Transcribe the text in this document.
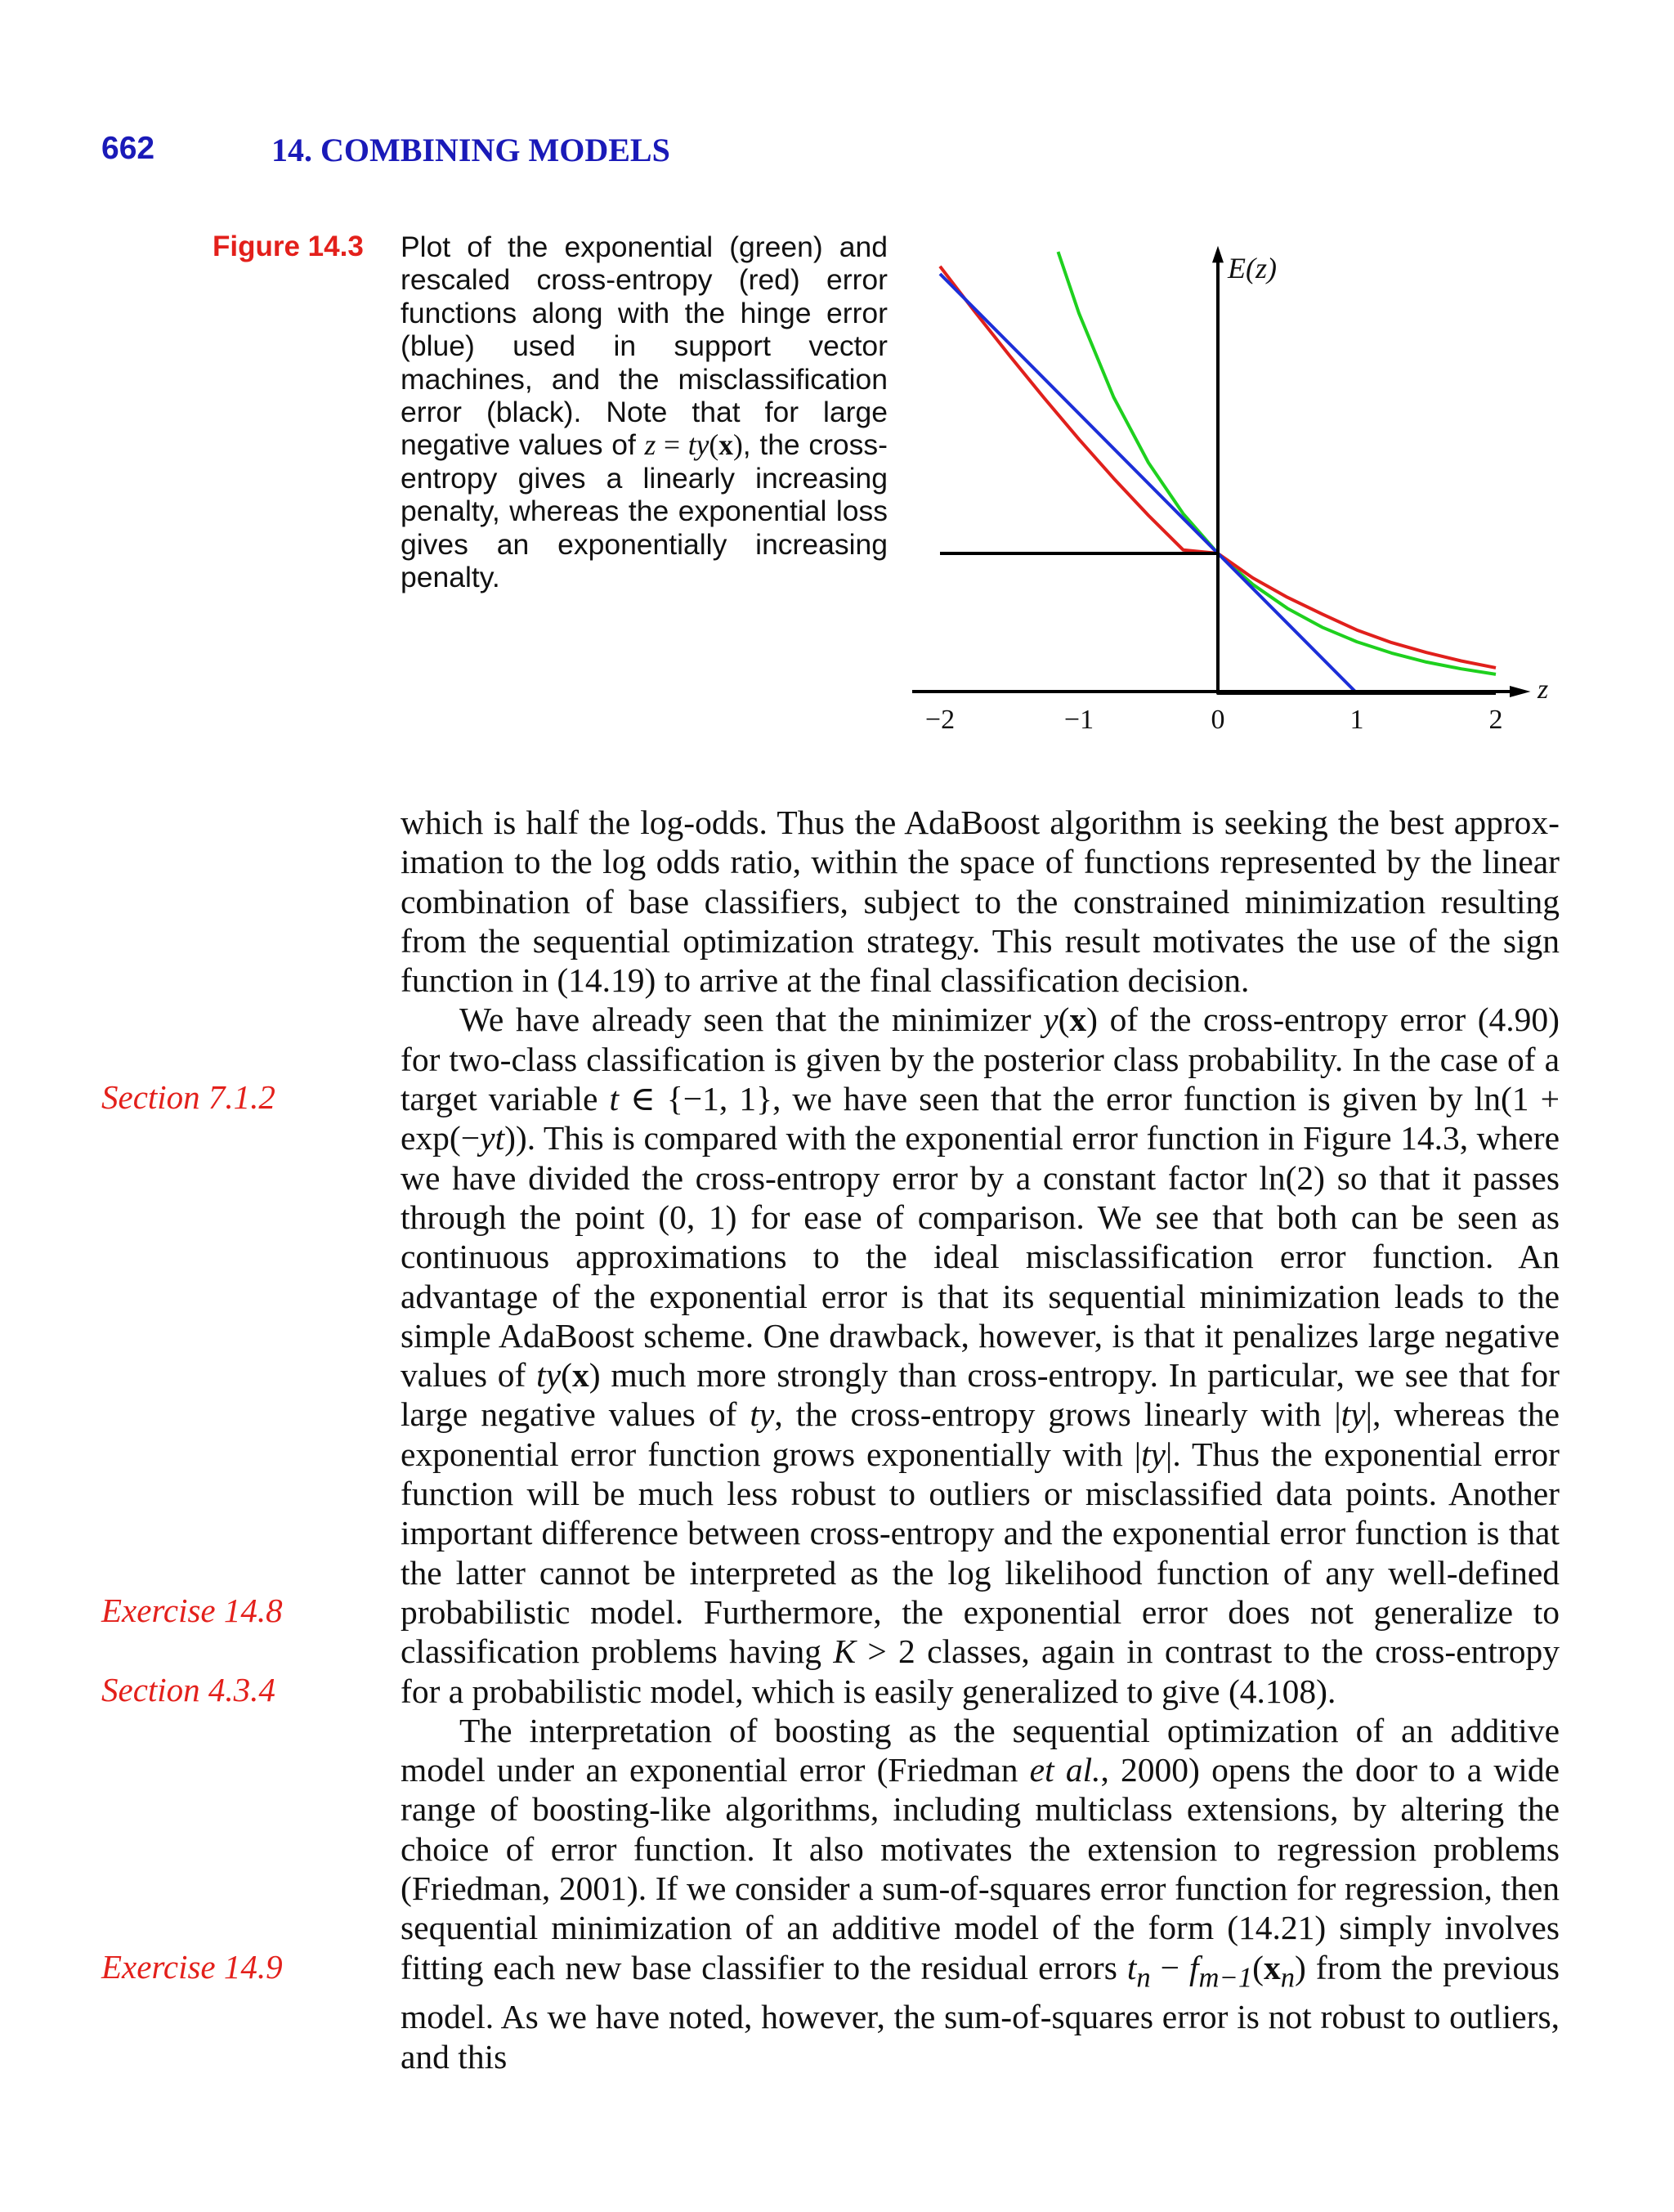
662	14. COMBINING MODELS
Figure 14.3 Plot of the exponential (green) and rescaled cross-entropy (red) error functions along with the hinge error (blue) used in support vector machines, and the misclassification error (black). Note that for large negative values of z = ty(x), the cross-entropy gives a linearly increasing penalty, whereas the exponential loss gives an exponentially increasing penalty.
−2	−1	0	1	2
z
E(z)
Section 7.1.2
Exercise 14.8
Section 4.3.4
Exercise 14.9

which is half the log-odds. Thus the AdaBoost algorithm is seeking the best approximation to the log odds ratio, within the space of functions represented by the linear combination of base classifiers, subject to the constrained minimization resulting from the sequential optimization strategy. This result motivates the use of the sign function in (14.19) to arrive at the final classification decision.

We have already seen that the minimizer y(x) of the cross-entropy error (4.90) for two-class classification is given by the posterior class probability. In the case of a target variable t ∈ {−1, 1}, we have seen that the error function is given by ln(1 + exp(−yt)). This is compared with the exponential error function in Figure 14.3, where we have divided the cross-entropy error by a constant factor ln(2) so that it passes through the point (0, 1) for ease of comparison. We see that both can be seen as continuous approximations to the ideal misclassification error function. An advantage of the exponential error is that its sequential minimization leads to the simple AdaBoost scheme. One drawback, however, is that it penalizes large negative values of ty(x) much more strongly than cross-entropy. In particular, we see that for large negative values of ty, the cross-entropy grows linearly with |ty|, whereas the exponential error function grows exponentially with |ty|. Thus the exponential error function will be much less robust to outliers or misclassified data points. Another important difference between cross-entropy and the exponential error function is that the latter cannot be interpreted as the log likelihood function of any well-defined probabilistic model. Furthermore, the exponential error does not generalize to classification problems having K > 2 classes, again in contrast to the cross-entropy for a probabilistic model, which is easily generalized to give (4.108).

The interpretation of boosting as the sequential optimization of an additive model under an exponential error (Friedman et al., 2000) opens the door to a wide range of boosting-like algorithms, including multiclass extensions, by altering the choice of error function. It also motivates the extension to regression problems (Friedman, 2001). If we consider a sum-of-squares error function for regression, then sequential minimization of an additive model of the form (14.21) simply involves fitting each new base classifier to the residual errors $t_n - f_{m-1}(x_n)$ from the previous model. As we have noted, however, the sum-of-squares error is not robust to outliers, and this
